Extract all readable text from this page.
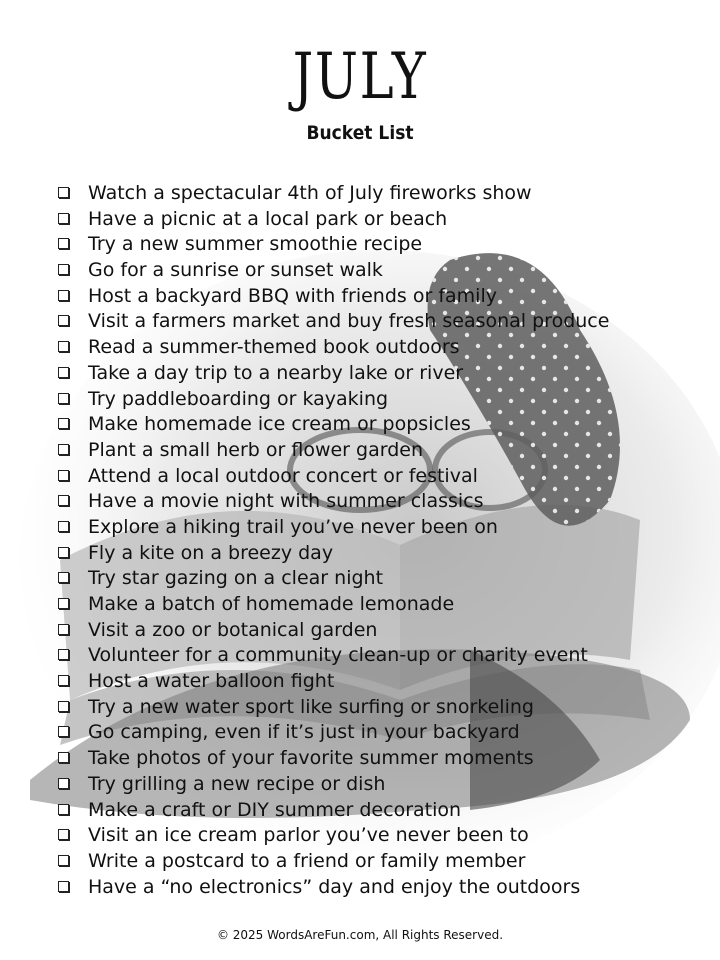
JULY
Bucket List
Watch a spectacular 4th of July fireworks show
Have a picnic at a local park or beach
Try a new summer smoothie recipe
Go for a sunrise or sunset walk
Host a backyard BBQ with friends or family
Visit a farmers market and buy fresh seasonal produce
Read a summer-themed book outdoors
Take a day trip to a nearby lake or river
Try paddleboarding or kayaking
Make homemade ice cream or popsicles
Plant a small herb or flower garden
Attend a local outdoor concert or festival
Have a movie night with summer classics
Explore a hiking trail you’ve never been on
Fly a kite on a breezy day
Try star gazing on a clear night
Make a batch of homemade lemonade
Visit a zoo or botanical garden
Volunteer for a community clean-up or charity event
Host a water balloon fight
Try a new water sport like surfing or snorkeling
Go camping, even if it’s just in your backyard
Take photos of your favorite summer moments
Try grilling a new recipe or dish
Make a craft or DIY summer decoration
Visit an ice cream parlor you’ve never been to
Write a postcard to a friend or family member
Have a “no electronics” day and enjoy the outdoors
© 2025 WordsAreFun.com, All Rights Reserved.
